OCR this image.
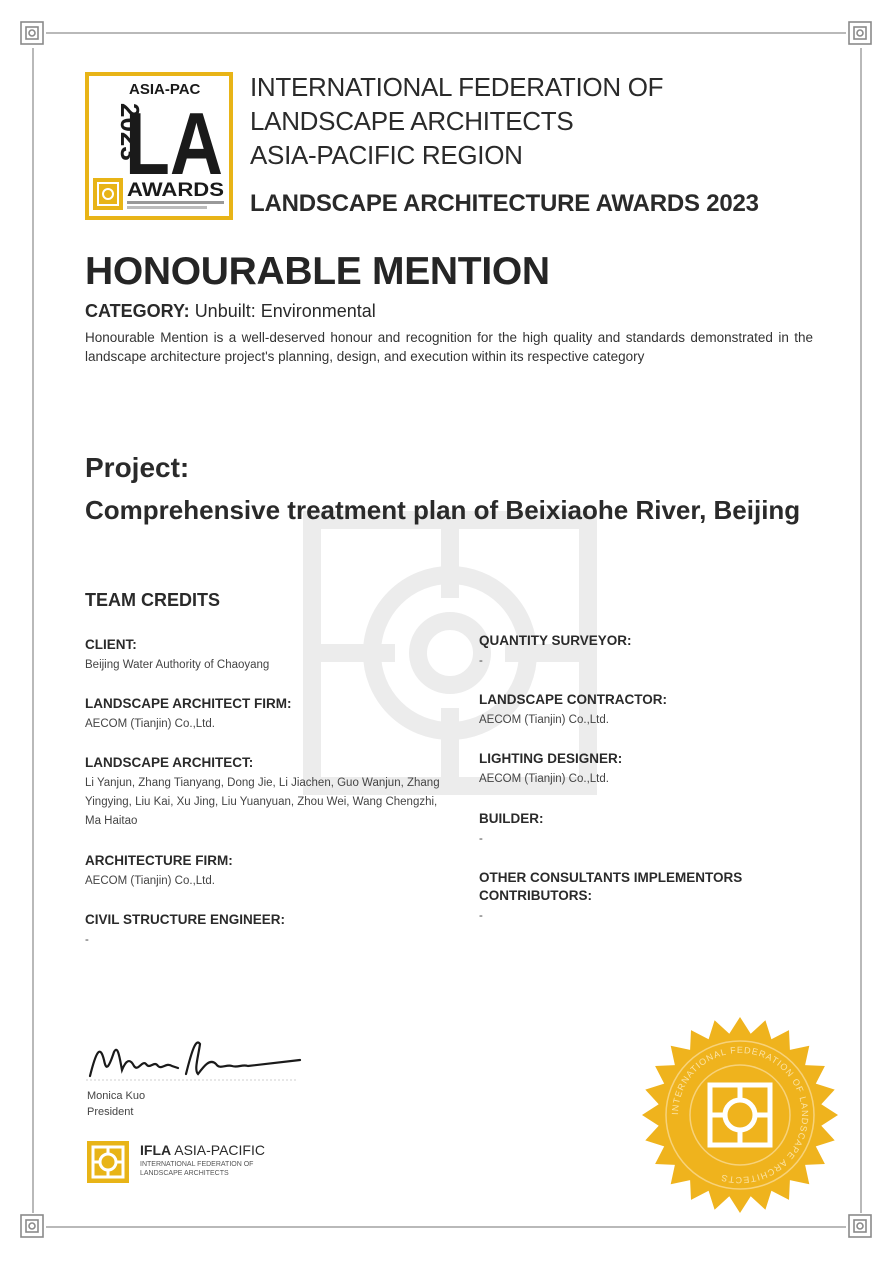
2023
ASIA-PAC
LA
AWARDS
INTERNATIONAL FEDERATION OF
LANDSCAPE ARCHITECTS
ASIA-PACIFIC REGION
LANDSCAPE ARCHITECTURE AWARDS 2023
HONOURABLE MENTION
CATEGORY: Unbuilt: Environmental
Honourable Mention is a well-deserved honour and recognition for the high quality and standards demonstrated in the landscape architecture project's planning, design, and execution within its respective category
Project:
Comprehensive treatment plan of Beixiaohe River, Beijing
TEAM CREDITS
CLIENT:
Beijing Water Authority of Chaoyang
LANDSCAPE ARCHITECT FIRM:
AECOM (Tianjin) Co.,Ltd.
LANDSCAPE ARCHITECT:
Li Yanjun, Zhang Tianyang, Dong Jie, Li Jiachen, Guo Wanjun, Zhang Yingying, Liu Kai, Xu Jing, Liu Yuanyuan, Zhou Wei, Wang Chengzhi, Ma Haitao
ARCHITECTURE FIRM:
AECOM (Tianjin) Co.,Ltd.
CIVIL STRUCTURE ENGINEER:
-
QUANTITY SURVEYOR:
-
LANDSCAPE CONTRACTOR:
AECOM (Tianjin) Co.,Ltd.
LIGHTING DESIGNER:
AECOM (Tianjin) Co.,Ltd.
BUILDER:
-
OTHER CONSULTANTS IMPLEMENTORS CONTRIBUTORS:
-
Monica Kuo
President
IFLA ASIA-PACIFIC
INTERNATIONAL FEDERATION OF LANDSCAPE ARCHITECTS
INTERNATIONAL FEDERATION OF LANDSCAPE ARCHITECTS
